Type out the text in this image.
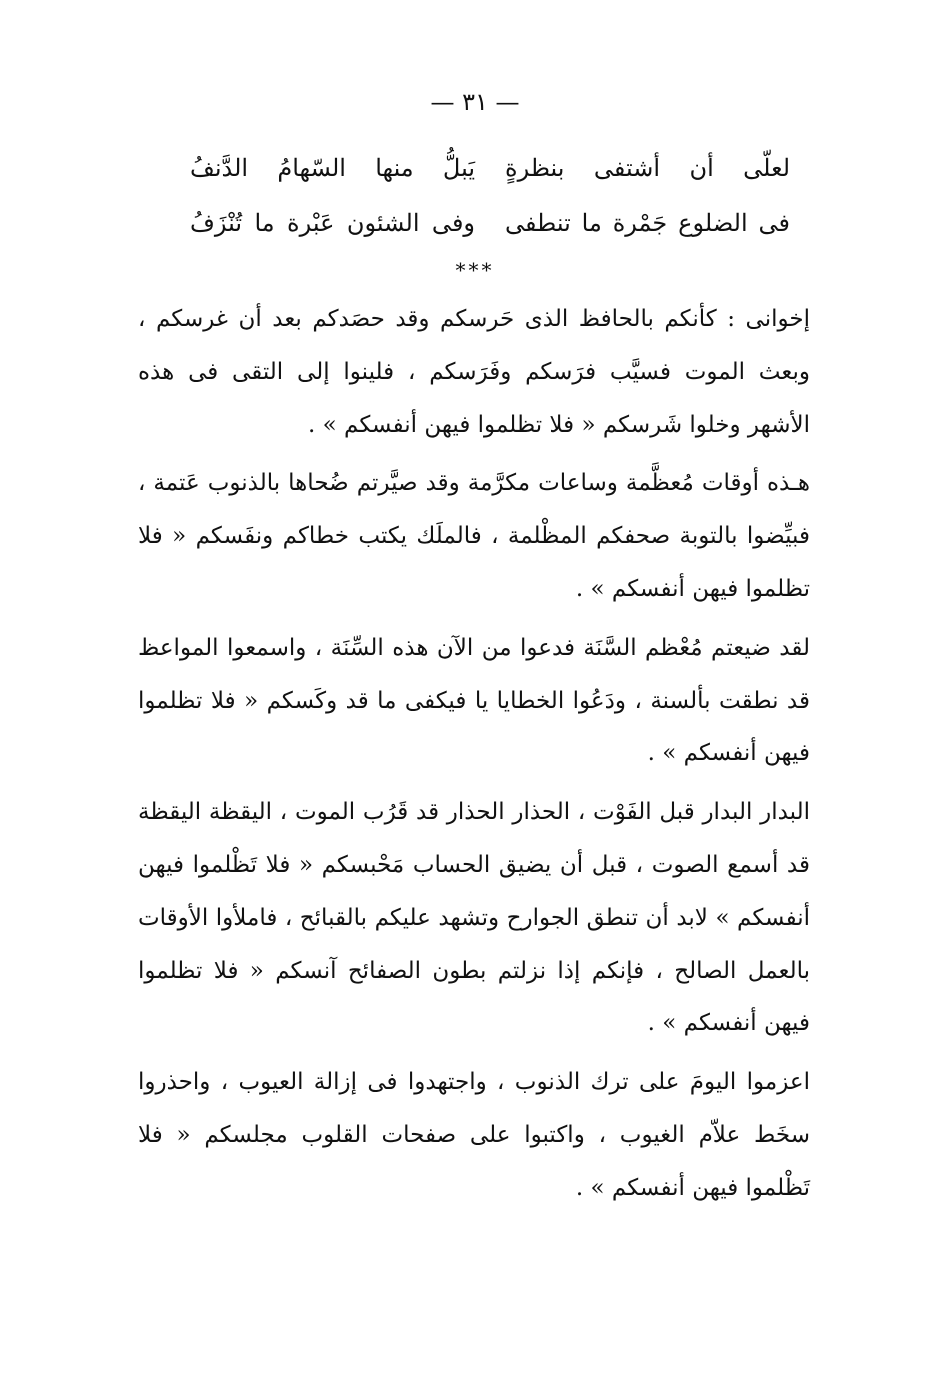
— ٣١ —
لعلّى أن أشتفى بنظرةٍ
يَبلُّ منها السّهامُ الدَّنفُ
فى الضلوع جَمْرة ما تنطفى
وفى الشئون عَبْرة ما تُنْزَفُ
***

إخوانى : كأنكم بالحافظ الذى حَرسكم وقد حصَدكم بعد أن غرسكم ، وبعث الموت فسيَّب فرَسكم وفَرَسكم ، فلينوا إلى التقى فى هذه الأشهر وخلوا شَرسكم « فلا تظلموا فيهن أنفسكم » .

هـذه أوقات مُعظَّمة وساعات مكرَّمة وقد صيَّرتم ضُحاها بالذنوب عَتمة ، فبيِّضوا بالتوبة صحفكم المظْلمة ، فالملَك يكتب خطاكم ونفَسكم « فلا تظلموا فيهن أنفسكم » .

لقد ضيعتم مُعْظم السَّنَة فدعوا من الآن هذه السِّنَة ، واسمعوا المواعظ قد نطقت بألسنة ، ودَعُوا الخطايا يا فيكفى ما قد وكَسكم « فلا تظلموا فيهن أنفسكم » .

البدار البدار قبل الفَوْت ، الحذار الحذار قد قَرُب الموت ، اليقظة اليقظة قد أسمع الصوت ، قبل أن يضيق الحساب مَحْبسكم « فلا تَظْلموا فيهن أنفسكم » لابد أن تنطق الجوارح وتشهد عليكم بالقبائح ، فاملأوا الأوقات بالعمل الصالح ، فإنكم إذا نزلتم بطون الصفائح آنسكم « فلا تظلموا فيهن أنفسكم » .

اعزموا اليومَ على ترك الذنوب ، واجتهدوا فى إزالة العيوب ، واحذروا سخَط علاّم الغيوب ، واكتبوا على صفحات القلوب مجلسكم « فلا تَظْلموا فيهن أنفسكم » .
